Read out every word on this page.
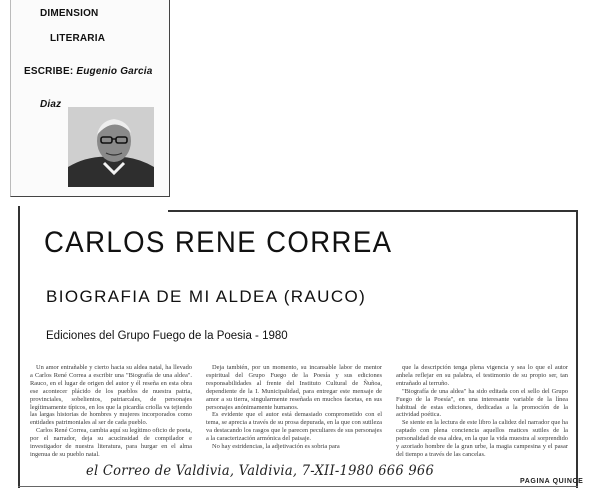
DIMENSION
LITERARIA
ESCRIBE: Eugenio Garcia
Diaz
CARLOS RENE CORREA
BIOGRAFIA DE MI ALDEA (RAUCO)
Ediciones del Grupo Fuego de la Poesia - 1980

Un amor entrañable y cierto hacia su aldea natal, ha llevado a Carlos René Correa a escribir una "Biografía de una aldea". Rauco, en el lugar de origen del autor y él reseña en esta obra ese acontecer plácido de los pueblos de nuestra patria, provinciales, sobelientos, patriarcales, de personajes legítimamente típicos, en los que la picardía criolla va tejiendo las largas historias de hombres y mujeres incorporados como entidades patrimoniales al ser de cada pueblo.

Carlos René Correa, cambia aquí su legítimo oficio de poeta, por el narrador, deja su acucinsidad de compilador e investigador de nuestra literatura, para hurgar en el alma ingenua de su pueblo natal.

Deja también, por un momento, su incansable labor de mentor espiritual del Grupo Fuego de la Poesía y sus ediciones responsabilidades al frente del Instituto Cultural de Ñuñoa, dependiente de la I. Municipalidad, para entregar este mensaje de amor a su tierra, singularmente reseñada en muchos facetas, en sus personajes anónimamente humanos.

Es evidente que el autor está demasiado comprometido con el tema, se aprecia a través de su prosa depurada, en la que con sutileza va destacando los rasgos que le parecen peculiares de sus personajes a la caracterización armónica del paisaje.

No hay estridencias, la adjetivación es sobria para

que la descripción tenga plena vigencia y sea lo que el autor anhela reflejar en su palabra, el testimonio de su propio ser, tan entrañado al terruño.

"Biografía de una aldea" ha sido editada con el sello del Grupo Fuego de la Poesía", en una interesante variable de la línea habitual de estas ediciones, dedicadas a la promoción de la actividad poética.

Se siente en la lectura de este libro la calidez del narrador que ha captado con plena conciencia aquellos matices sutiles de la personalidad de esa aldea, en la que la vida muestra al sorprendido y azoriado hombre de la gran urbe, la magia campesina y el pasar del tiempo a través de las cancelas.

el Correo de Valdivia, Valdivia, 7-XII-1980 666 966
PAGINA QUINCE
